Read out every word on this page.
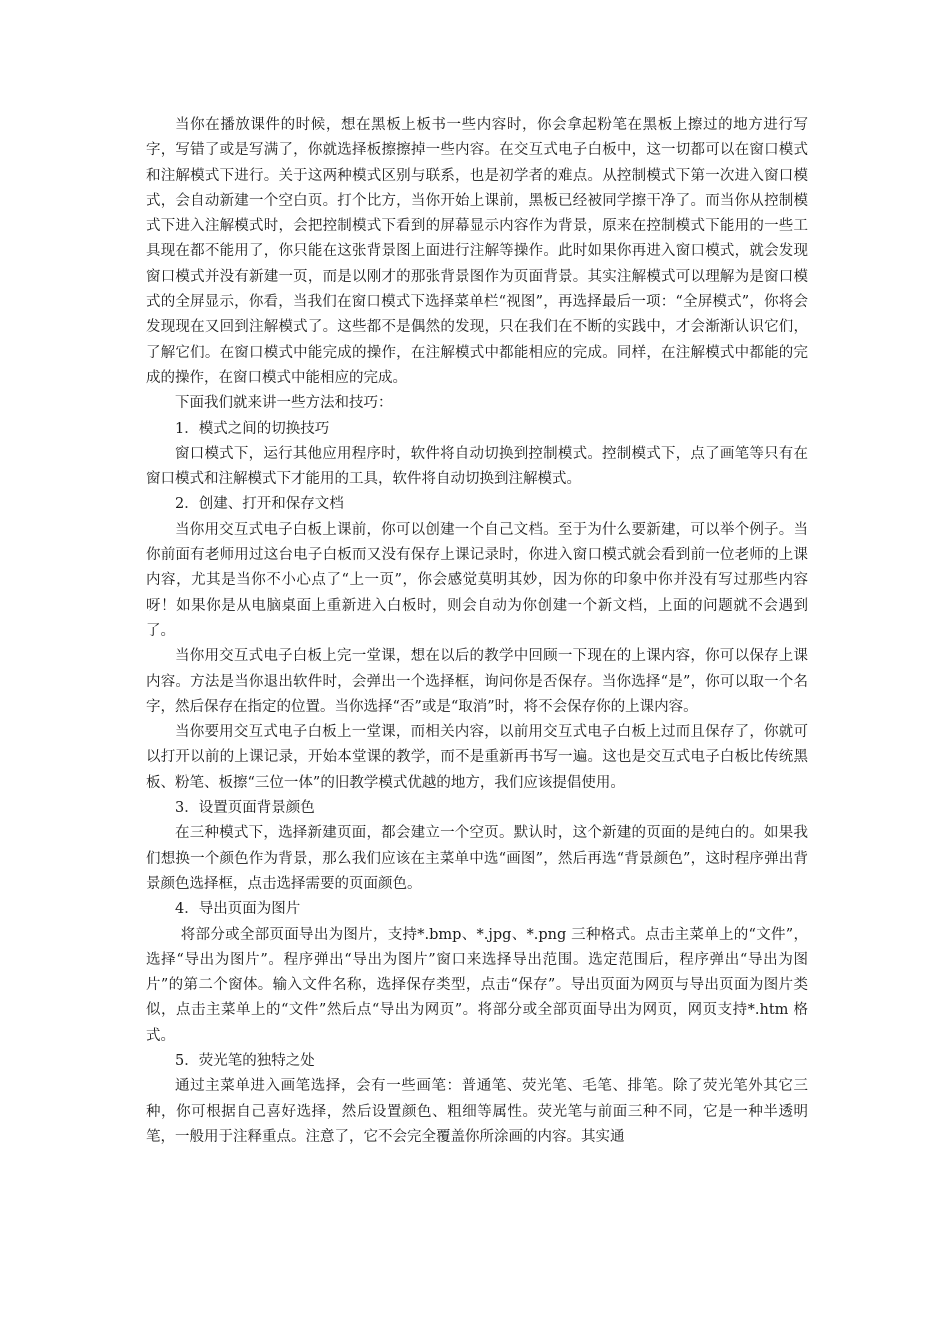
当你在播放课件的时候，想在黑板上板书一些内容时，你会拿起粉笔在黑板上擦过的地方进行写字，写错了或是写满了，你就选择板擦擦掉一些内容。在交互式电子白板中，这一切都可以在窗口模式和注解模式下进行。关于这两种模式区别与联系，也是初学者的难点。从控制模式下第一次进入窗口模式，会自动新建一个空白页。打个比方，当你开始上课前，黑板已经被同学擦干净了。而当你从控制模式下进入注解模式时，会把控制模式下看到的屏幕显示内容作为背景，原来在控制模式下能用的一些工具现在都不能用了，你只能在这张背景图上面进行注解等操作。此时如果你再进入窗口模式，就会发现窗口模式并没有新建一页，而是以刚才的那张背景图作为页面背景。其实注解模式可以理解为是窗口模式的全屏显示，你看，当我们在窗口模式下选择菜单栏“视图”，再选择最后一项：“全屏模式”，你将会发现现在又回到注解模式了。这些都不是偶然的发现，只在我们在不断的实践中，才会渐渐认识它们，了解它们。在窗口模式中能完成的操作，在注解模式中都能相应的完成。同样，在注解模式中都能的完成的操作，在窗口模式中能相应的完成。

下面我们就来讲一些方法和技巧：

1．模式之间的切换技巧

窗口模式下，运行其他应用程序时，软件将自动切换到控制模式。控制模式下，点了画笔等只有在窗口模式和注解模式下才能用的工具，软件将自动切换到注解模式。

2．创建、打开和保存文档

当你用交互式电子白板上课前，你可以创建一个自己文档。至于为什么要新建，可以举个例子。当你前面有老师用过这台电子白板而又没有保存上课记录时，你进入窗口模式就会看到前一位老师的上课内容，尤其是当你不小心点了“上一页”，你会感觉莫明其妙，因为你的印象中你并没有写过那些内容呀！如果你是从电脑桌面上重新进入白板时，则会自动为你创建一个新文档，上面的问题就不会遇到了。

当你用交互式电子白板上完一堂课，想在以后的教学中回顾一下现在的上课内容，你可以保存上课内容。方法是当你退出软件时，会弹出一个选择框，询问你是否保存。当你选择“是”，你可以取一个名字，然后保存在指定的位置。当你选择“否”或是“取消”时，将不会保存你的上课内容。

当你要用交互式电子白板上一堂课，而相关内容，以前用交互式电子白板上过而且保存了，你就可以打开以前的上课记录，开始本堂课的教学，而不是重新再书写一遍。这也是交互式电子白板比传统黑板、粉笔、板擦“三位一体”的旧教学模式优越的地方，我们应该提倡使用。

3．设置页面背景颜色

在三种模式下，选择新建页面，都会建立一个空页。默认时，这个新建的页面的是纯白的。如果我们想换一个颜色作为背景，那么我们应该在主菜单中选“画图”，然后再选“背景颜色”，这时程序弹出背景颜色选择框，点击选择需要的页面颜色。

4．导出页面为图片

将部分或全部页面导出为图片，支持*.bmp、*.jpg、*.png 三种格式。点击主菜单上的“文件”，选择“导出为图片”。程序弹出“导出为图片”窗口来选择导出范围。选定范围后，程序弹出“导出为图片”的第二个窗体。输入文件名称，选择保存类型，点击“保存”。导出页面为网页与导出页面为图片类似，点击主菜单上的“文件”然后点“导出为网页”。将部分或全部页面导出为网页，网页支持*.htm 格式。

5．荧光笔的独特之处

通过主菜单进入画笔选择，会有一些画笔：普通笔、荧光笔、毛笔、排笔。除了荧光笔外其它三种，你可根据自己喜好选择，然后设置颜色、粗细等属性。荧光笔与前面三种不同，它是一种半透明笔，一般用于注释重点。注意了，它不会完全覆盖你所涂画的内容。其实通
